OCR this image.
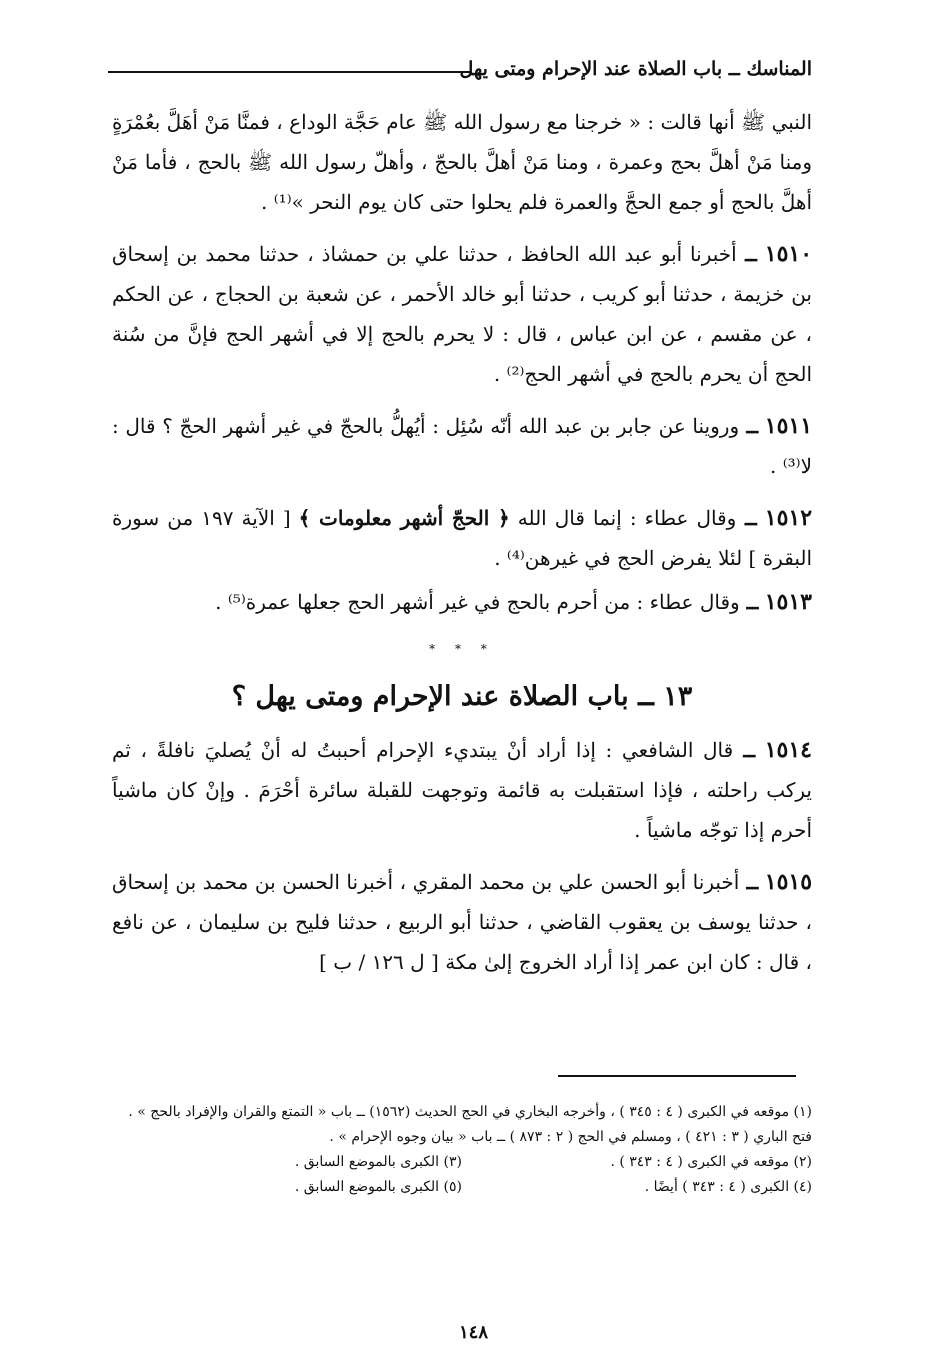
المناسك ــ باب الصلاة عند الإحرام ومتى يهل

النبي ﷺ أنها قالت : « خرجنا مع رسول الله ﷺ عام حَجَّة الوداع ، فمنَّا مَنْ أهَلَّ بعُمْرَةٍ ومنا مَنْ أهلَّ بحج وعمرة ، ومنا مَنْ أهلَّ بالحجّ ، وأهلّ رسول الله ﷺ بالحج ، فأما مَنْ أهلَّ بالحج أو جمع الحجَّ والعمرة فلم يحلوا حتى كان يوم النحر »⁽¹⁾ .

١٥١٠ ــ أخبرنا أبو عبد الله الحافظ ، حدثنا علي بن حمشاذ ، حدثنا محمد بن إسحاق بن خزيمة ، حدثنا أبو كريب ، حدثنا أبو خالد الأحمر ، عن شعبة بن الحجاج ، عن الحكم ، عن مقسم ، عن ابن عباس ، قال : لا يحرم بالحج إلا في أشهر الحج فإنَّ من سُنة الحج أن يحرم بالحج في أشهر الحج⁽²⁾ .

١٥١١ ــ وروينا عن جابر بن عبد الله أنّه سُئِل : أيُهلُّ بالحجّ في غير أشهر الحجّ ؟ قال : لا⁽³⁾ .

١٥١٢ ــ وقال عطاء : إنما قال الله ﴿ الحجّ أشهر معلومات ﴾ [ الآية ١٩٧ من سورة البقرة ] لئلا يفرض الحج في غيرهن⁽⁴⁾ .

١٥١٣ ــ وقال عطاء : من أحرم بالحج في غير أشهر الحج جعلها عمرة⁽⁵⁾ .

* * *
١٣ ــ باب الصلاة عند الإحرام ومتى يهل ؟

١٥١٤ ــ قال الشافعي : إذا أراد أنْ يبتديء الإحرام أحببتُ له أنْ يُصليَ نافلةً ، ثم يركب راحلته ، فإذا استقبلت به قائمة وتوجهت للقبلة سائرة أحْرَمَ . وإنْ كان ماشياً أحرم إذا توجّه ماشياً .

١٥١٥ ــ أخبرنا أبو الحسن علي بن محمد المقري ، أخبرنا الحسن بن محمد بن إسحاق ، حدثنا يوسف بن يعقوب القاضي ، حدثنا أبو الربيع ، حدثنا فليح بن سليمان ، عن نافع ، قال : كان ابن عمر إذا أراد الخروج إلىٰ مكة [ ل ١٢٦ / ب ]

(١) موقعه في الكبرى ( ٤ : ٣٤٥ ) ، وأخرجه البخاري في الحج الحديث (١٥٦٢) ــ باب « التمتع والقران والإفراد بالحج » . فتح الباري ( ٣ : ٤٢١ ) ، ومسلم في الحج ( ٢ : ٨٧٣ ) ــ باب « بيان وجوه الإحرام » .

(٢) موقعه في الكبرى ( ٤ : ٣٤٣ ) .
(٣) الكبرى بالموضع السابق .
(٤) الكبرى ( ٤ : ٣٤٣ ) أيضًا .
(٥) الكبرى بالموضع السابق .
١٤٨
